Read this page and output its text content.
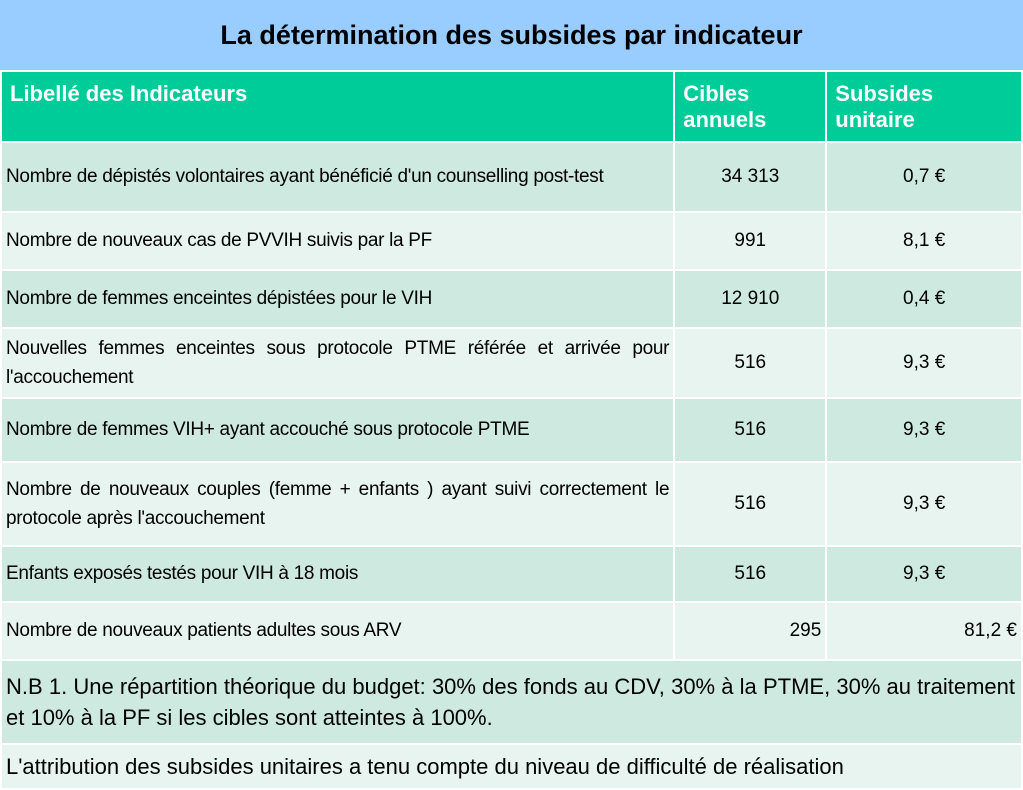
La détermination des subsides par indicateur
Libellé des Indicateurs	Cibles annuels	Subsides unitaire
Nombre de dépistés volontaires ayant bénéficié d'un counselling post-test	34 313	0,7 €
Nombre de nouveaux cas de PVVIH suivis par la PF	991	8,1 €
Nombre de femmes enceintes dépistées pour le VIH	12 910	0,4 €
Nouvelles femmes enceintes sous protocole PTME référée et arrivée pour l'accouchement	516	9,3 €
Nombre de femmes VIH+ ayant accouché sous protocole PTME	516	9,3 €
Nombre de nouveaux couples (femme + enfants ) ayant suivi correctement le protocole après l'accouchement	516	9,3 €
Enfants exposés testés pour VIH à 18 mois	516	9,3 €
Nombre de nouveaux patients adultes sous ARV	295	81,2 €
N.B 1. Une répartition théorique du budget: 30% des fonds au CDV, 30% à la PTME, 30% au traitement et 10% à la PF si les cibles sont atteintes à 100%.		
L'attribution des subsides unitaires a tenu compte du niveau de difficulté de réalisation		
